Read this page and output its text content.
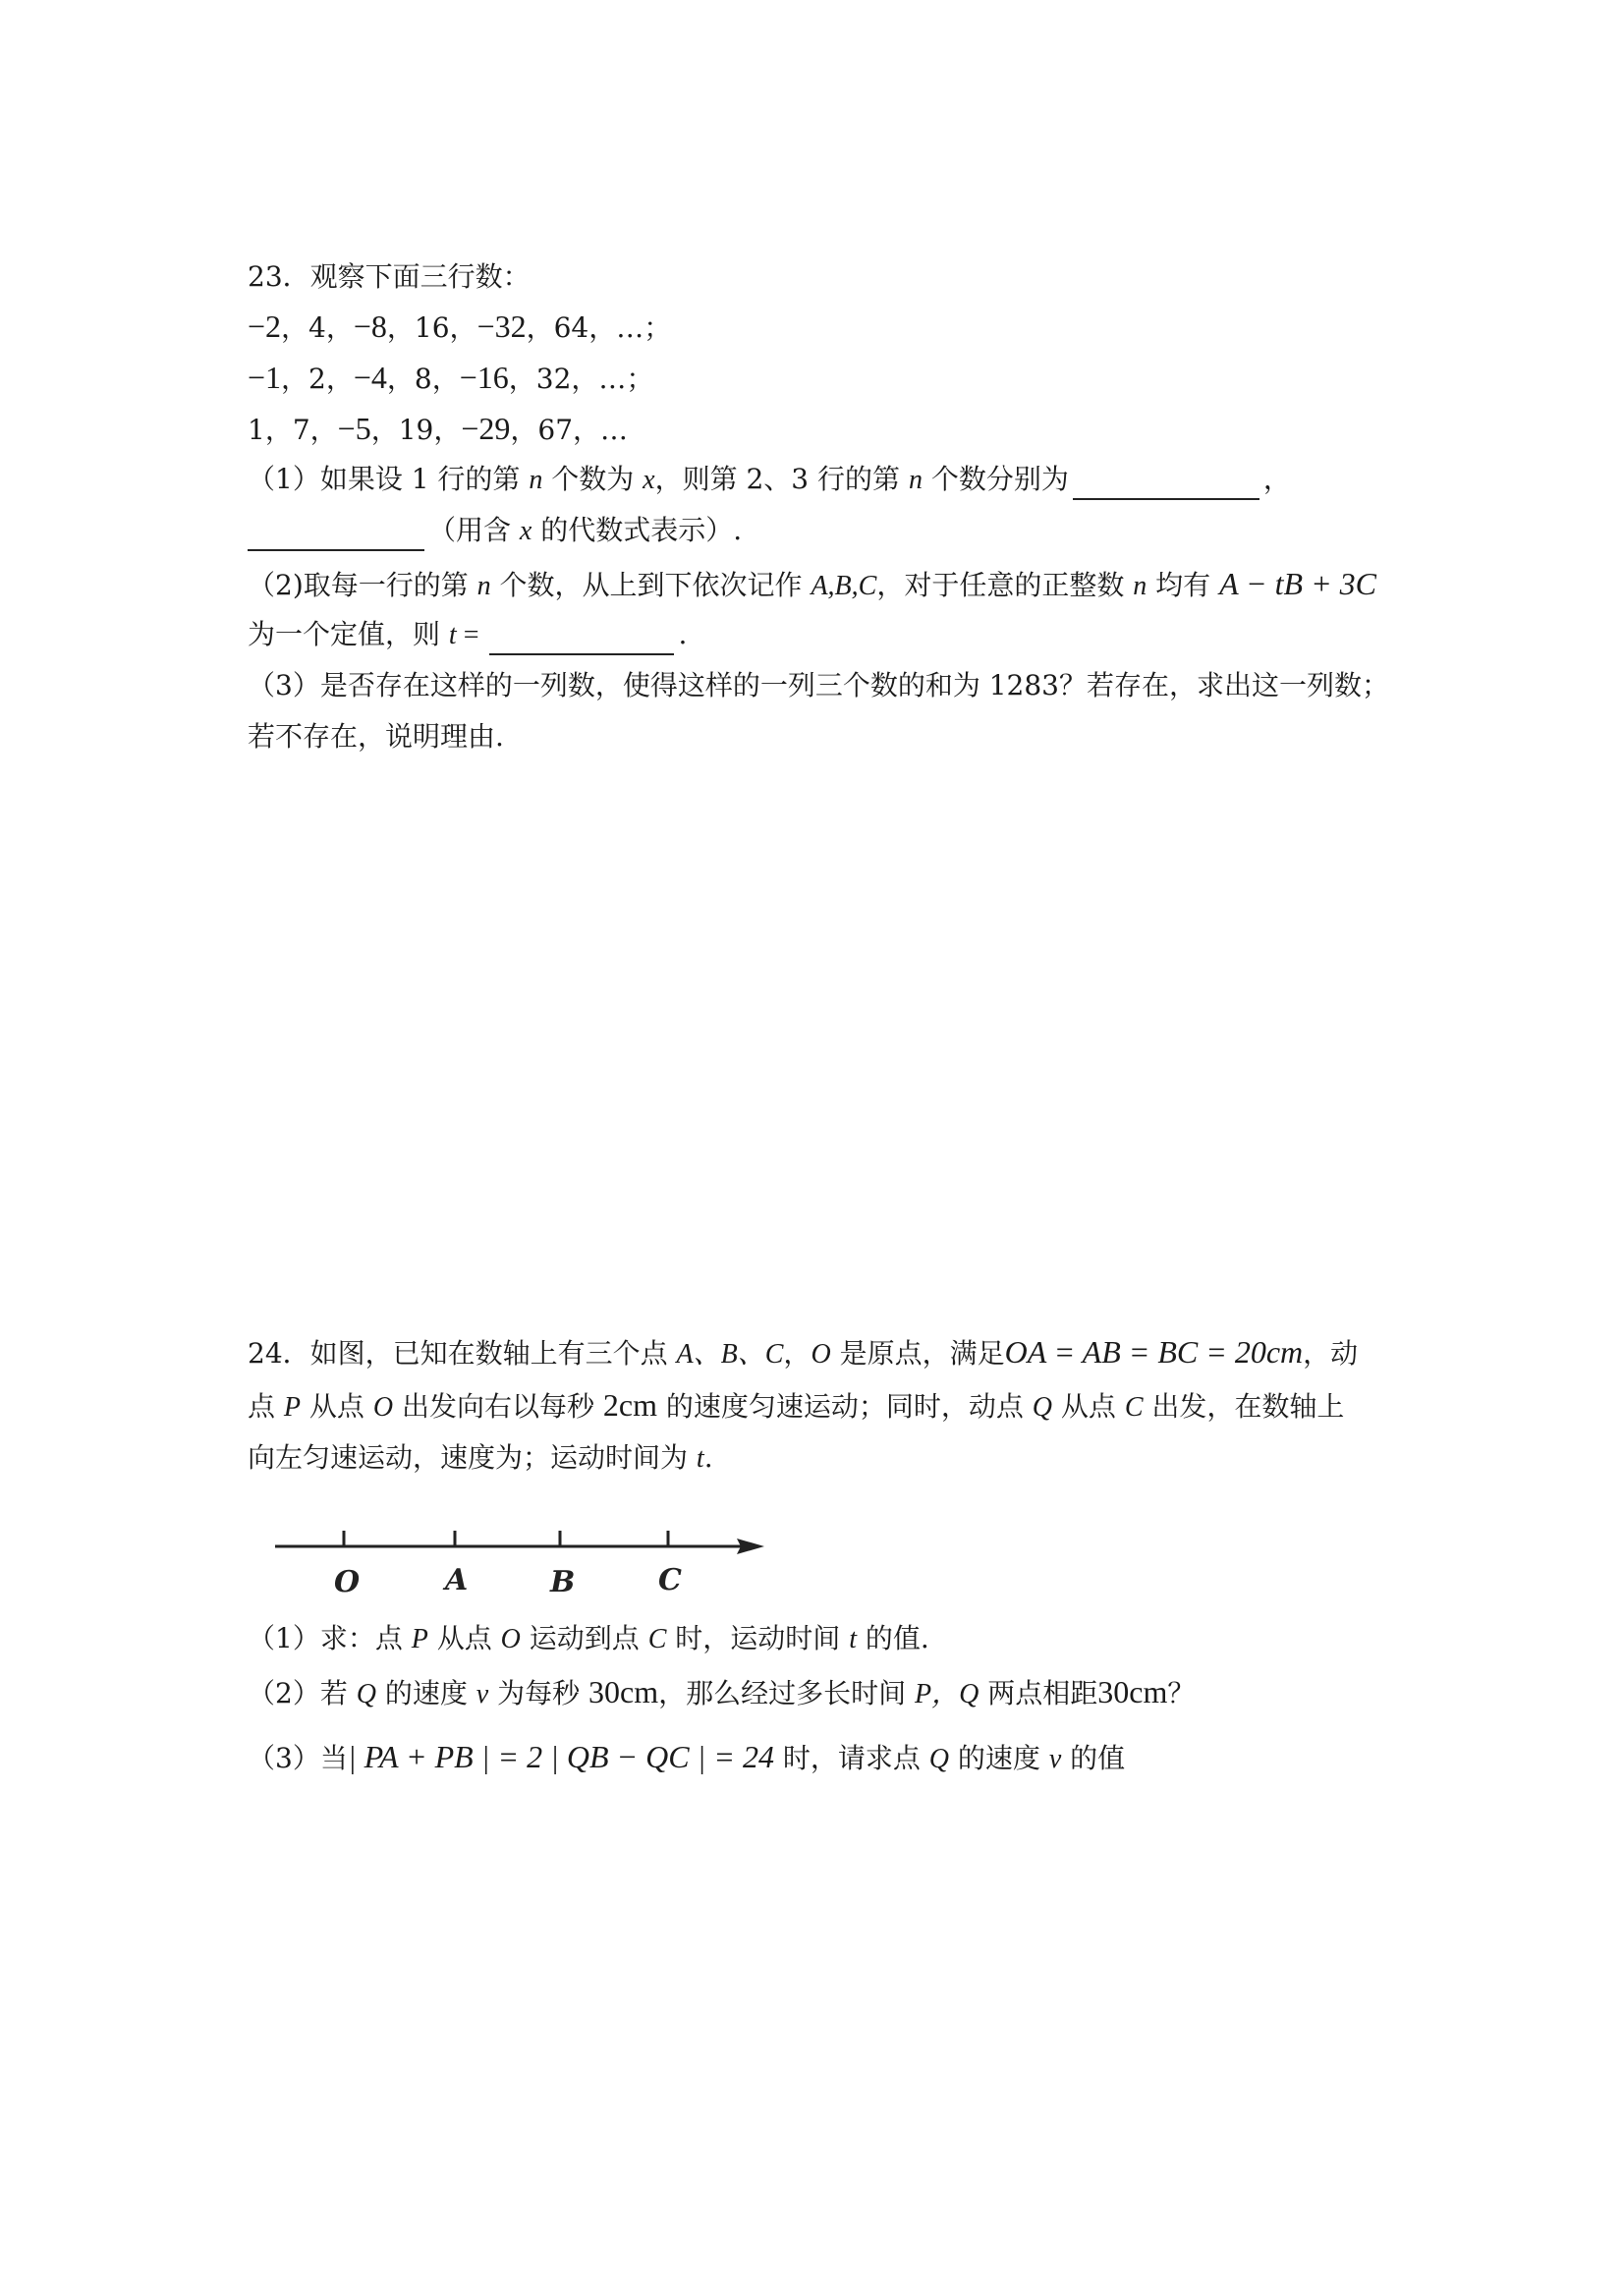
23．观察下面三行数：
−2，4，−8，16，−32，64，…；
−1，2，−4，8，−16，32，…；
1，7，−5，19，−29，67，…
（1）如果设 1 行的第 n 个数为 x，则第 2、3 行的第 n 个数分别为	，
（用含 x 的代数式表示）.
（2)取每一行的第 n 个数，从上到下依次记作 A,B,C，对于任意的正整数 n 均有 A − tB + 3C
为一个定值，则 t =	.
（3）是否存在这样的一列数，使得这样的一列三个数的和为 1283？若存在，求出这一列数；
若不存在，说明理由.
24．如图，已知在数轴上有三个点 A、B、C，O 是原点，满足OA = AB = BC = 20cm，动
点 P 从点 O 出发向右以每秒 2cm 的速度匀速运动；同时，动点 Q 从点 C 出发，在数轴上
向左匀速运动，速度为；运动时间为 t.
O	A	B	C
（1）求：点 P 从点 O 运动到点 C 时，运动时间 t 的值.
（2）若 Q 的速度 v 为每秒 30cm，那么经过多长时间 P，Q 两点相距30cm？
（3）当| PA + PB | = 2 | QB − QC | = 24 时，请求点 Q 的速度 v 的值
